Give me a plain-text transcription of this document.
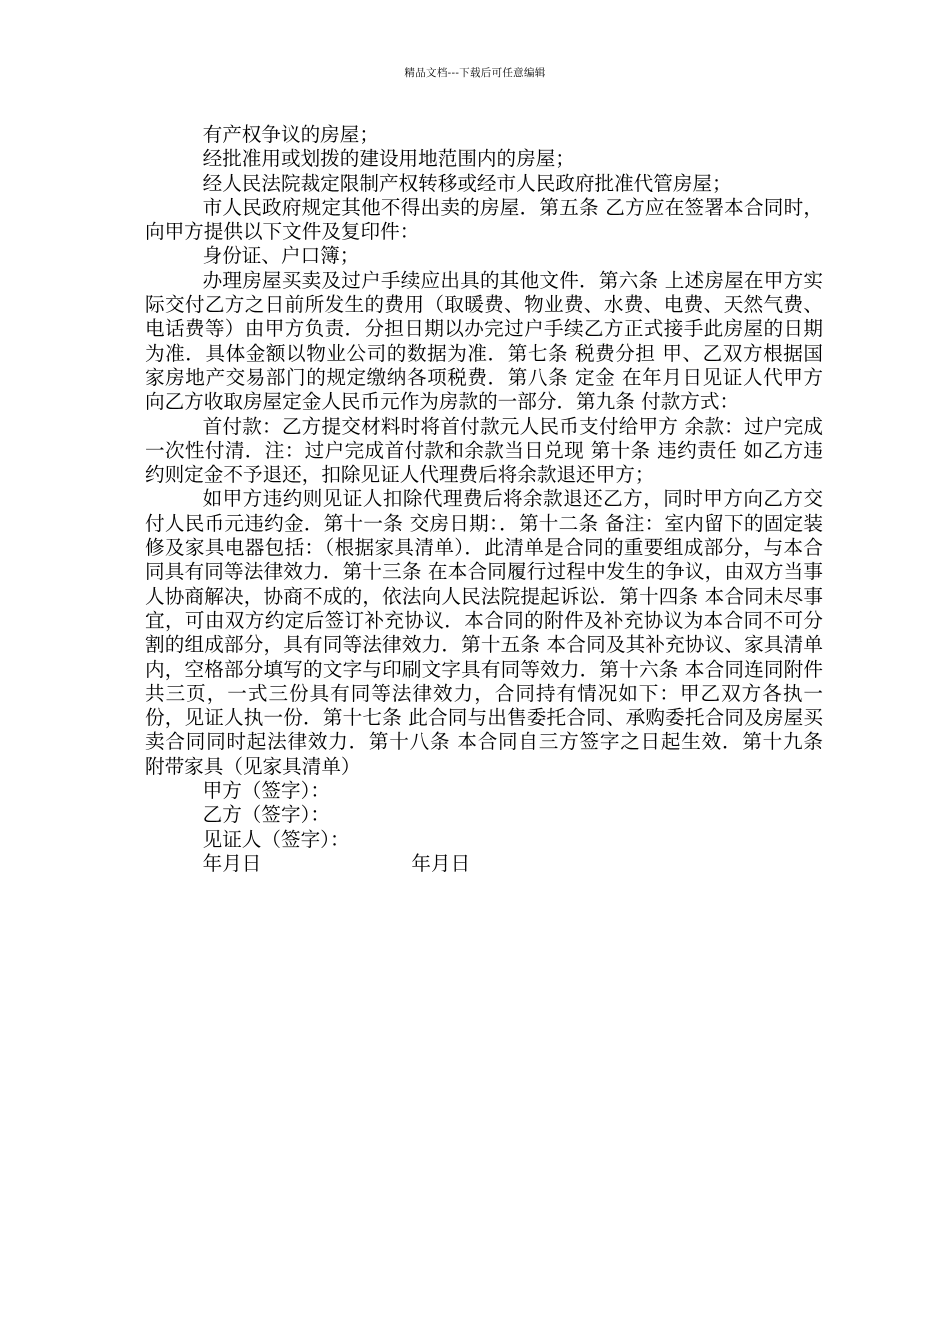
精品文档---下载后可任意编辑

有产权争议的房屋；

经批准用或划拨的建设用地范围内的房屋；

经人民法院裁定限制产权转移或经市人民政府批准代管房屋；

市人民政府规定其他不得出卖的房屋．第五条 乙方应在签署本合同时，向甲方提供以下文件及复印件：

身份证、户口簿；

办理房屋买卖及过户手续应出具的其他文件．第六条 上述房屋在甲方实际交付乙方之日前所发生的费用（取暖费、物业费、水费、电费、天然气费、电话费等）由甲方负责．分担日期以办完过户手续乙方正式接手此房屋的日期为准．具体金额以物业公司的数据为准．第七条 税费分担 甲、乙双方根据国家房地产交易部门的规定缴纳各项税费．第八条 定金 在年月日见证人代甲方向乙方收取房屋定金人民币元作为房款的一部分．第九条 付款方式：

首付款：乙方提交材料时将首付款元人民币支付给甲方 余款：过户完成一次性付清．注：过户完成首付款和余款当日兑现 第十条 违约责任 如乙方违约则定金不予退还，扣除见证人代理费后将余款退还甲方；

如甲方违约则见证人扣除代理费后将余款退还乙方，同时甲方向乙方交付人民币元违约金．第十一条 交房日期：．第十二条 备注：室内留下的固定装修及家具电器包括：（根据家具清单）．此清单是合同的重要组成部分，与本合同具有同等法律效力．第十三条 在本合同履行过程中发生的争议，由双方当事人协商解决，协商不成的，依法向人民法院提起诉讼．第十四条 本合同未尽事宜，可由双方约定后签订补充协议．本合同的附件及补充协议为本合同不可分割的组成部分，具有同等法律效力．第十五条 本合同及其补充协议、家具清单内，空格部分填写的文字与印刷文字具有同等效力．第十六条 本合同连同附件共三页，一式三份具有同等法律效力，合同持有情况如下：甲乙双方各执一份，见证人执一份．第十七条 此合同与出售委托合同、承购委托合同及房屋买卖合同同时起法律效力．第十八条 本合同自三方签字之日起生效．第十九条 附带家具（见家具清单）

甲方（签字）：
乙方（签字）：
见证人（签字）：
年月日	年月日
